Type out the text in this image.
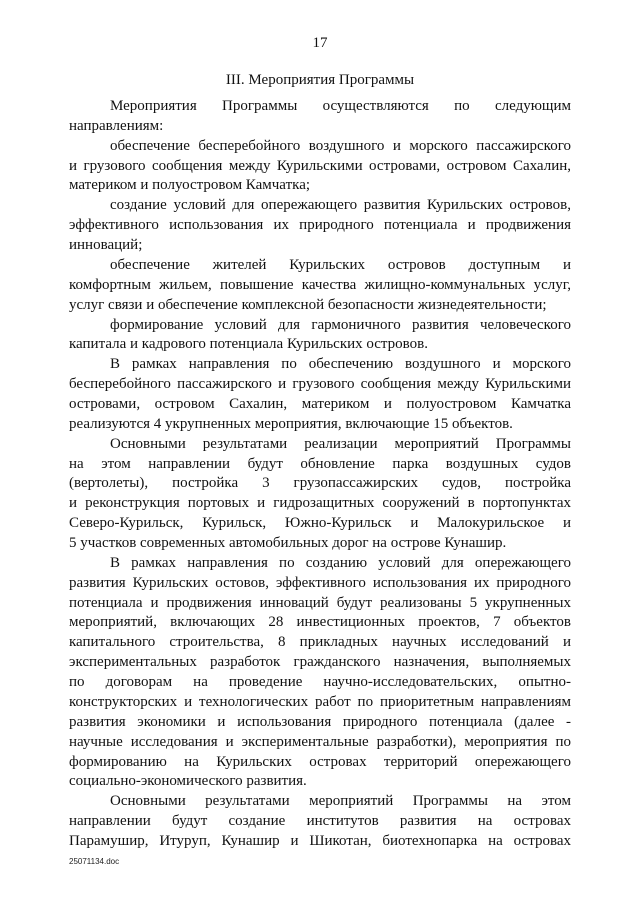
17
III. Мероприятия Программы
Мероприятия Программы осуществляются по следующим
направлениям:
обеспечение бесперебойного воздушного и морского пассажирского
и грузового сообщения между Курильскими островами, островом Сахалин,
материком и полуостровом Камчатка;
создание условий для опережающего развития Курильских островов,
эффективного использования их природного потенциала и продвижения
инноваций;
обеспечение жителей Курильских островов доступным и
комфортным жильем, повышение качества жилищно-коммунальных услуг,
услуг связи и обеспечение комплексной безопасности жизнедеятельности;
формирование условий для гармоничного развития человеческого
капитала и кадрового потенциала Курильских островов.
В рамках направления по обеспечению воздушного и морского
бесперебойного пассажирского и грузового сообщения между Курильскими
островами, островом Сахалин, материком и полуостровом Камчатка
реализуются 4 укрупненных мероприятия, включающие 15 объектов.
Основными результатами реализации мероприятий Программы
на этом направлении будут обновление парка воздушных судов
(вертолеты), постройка 3 грузопассажирских судов, постройка
и реконструкция портовых и гидрозащитных сооружений в портопунктах
Северо-Курильск, Курильск, Южно-Курильск и Малокурильское и
5 участков современных автомобильных дорог на острове Кунашир.
В рамках направления по созданию условий для опережающего
развития Курильских остовов, эффективного использования их природного
потенциала и продвижения инноваций будут реализованы 5 укрупненных
мероприятий, включающих 28 инвестиционных проектов, 7 объектов
капитального строительства, 8 прикладных научных исследований и
экспериментальных разработок гражданского назначения, выполняемых
по договорам на проведение научно-исследовательских, опытно-
конструкторских и технологических работ по приоритетным направлениям
развития экономики и использования природного потенциала (далее -
научные исследования и экспериментальные разработки), мероприятия по
формированию на Курильских островах территорий опережающего
социально-экономического развития.
Основными результатами мероприятий Программы на этом
направлении будут создание институтов развития на островах
Парамушир, Итуруп, Кунашир и Шикотан, биотехнопарка на островах
25071134.doc
